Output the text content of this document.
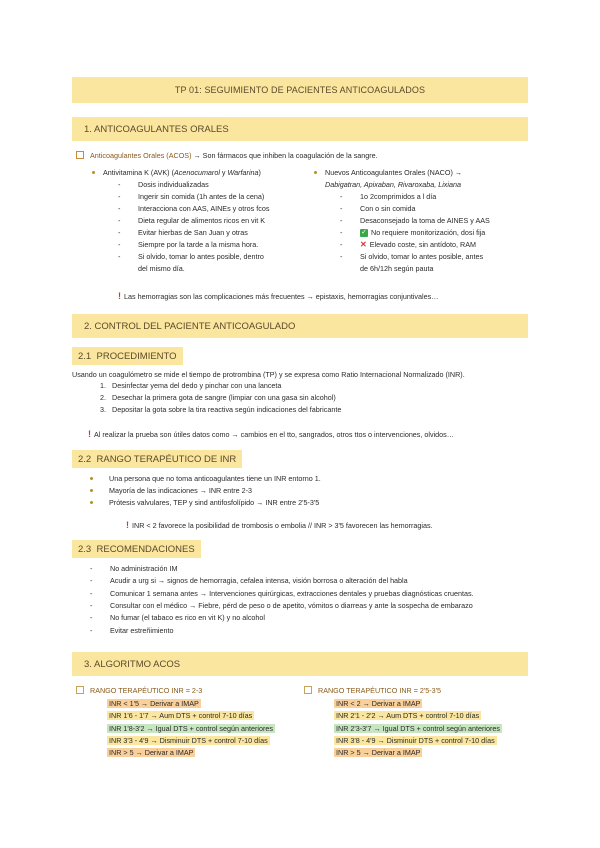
TP 01: SEGUIMIENTO DE PACIENTES ANTICOAGULADOS
1. ANTICOAGULANTES ORALES
Anticoagulantes Orales (ACOS) → Son fármacos que inhiben la coagulación de la sangre.
Antivitamina K (AVK) (Acenocumarol y Warfarina)	Nuevos Anticoagulantes Orales (NACO) →
Dabigatran, Apixaban, Rivaroxaba, Lixiana
! Las hemorragias son las complicaciones más frecuentes → epistaxis, hemorragias conjuntivales…
2. CONTROL DEL PACIENTE ANTICOAGULADO
2.1
PROCEDIMIENTO
Usando un coagulómetro se mide el tiempo de protrombina (TP) y se expresa como Ratio Internacional Normalizado (INR).
! Al realizar la prueba son útiles datos como → cambios en el tto, sangrados, otros ttos o intervenciones, olvidos…
2.2
RANGO TERAPÉUTICO DE INR
! INR < 2 favorece la posibilidad de trombosis o embolia // INR > 3'5 favorecen las hemorragias.
2.3
RECOMENDACIONES
3. ALGORITMO ACOS
RANGO TERAPÉUTICO INR = 2-3	RANGO TERAPÉUTICO INR = 2'5-3'5
- Dosis individualizadas
- Ingerir sin comida (1h antes de la cena)
- Interacciona con AAS, AINEs y otros fcos
- Dieta regular de alimentos ricos en vit K
- Evitar hierbas de San Juan y otras
- Siempre por la tarde a la misma hora.
- Si olvido, tomar lo antes posible, dentro
del mismo día.
- 1o 2comprimidos a l día
- Con o sin comida
- Desaconsejado la toma de AINES y AAS
-	✓ No requiere monitorización, dosi fija
- ✕ Elevado coste, sin antídoto, RAM
- Si olvido, tomar lo antes posible, antes
de 6h/12h según pauta
1. Desinfectar yema del dedo y pinchar con una lanceta
2. Desechar la primera gota de sangre (limpiar con una gasa sin alcohol)
3. Depositar la gota sobre la tira reactiva según indicaciones del fabricante
Una persona que no toma anticoagulantes tiene un INR entorno 1.
Mayoría de las indicaciones → INR entre 2-3
Prótesis valvulares, TEP y sind antifosfolípido → INR entre 2'5-3'5
- No administración IM
- Acudir a urg si → signos de hemorragia, cefalea intensa, visión borrosa o alteración del habla
- Comunicar 1 semana antes → Intervenciones quirúrgicas, extracciones dentales y pruebas diagnósticas cruentas.
- Consultar con el médico → Fiebre, pérd de peso o de apetito, vómitos o diarreas y ante la sospecha de embarazo
- No fumar (el tabaco es rico en vit K) y no alcohol
- Evitar estreñimiento
INR < 1'5 → Derivar a IMAP
INR 1'6 - 1'7 → Aum DTS + control 7-10 días
INR 1'8-3'2 → Igual DTS + control según anteriores
INR 3'3 - 4'9 → Disminuir DTS + control 7-10 días
INR > 5 → Derivar a IMAP
INR < 2 → Derivar a IMAP
INR 2'1 - 2'2 → Aum DTS + control 7-10 días
INR 2'3-3'7 → Igual DTS + control según anteriores
INR 3'8 - 4'9 → Disminuir DTS + control 7-10 días
INR > 5 → Derivar a IMAP
